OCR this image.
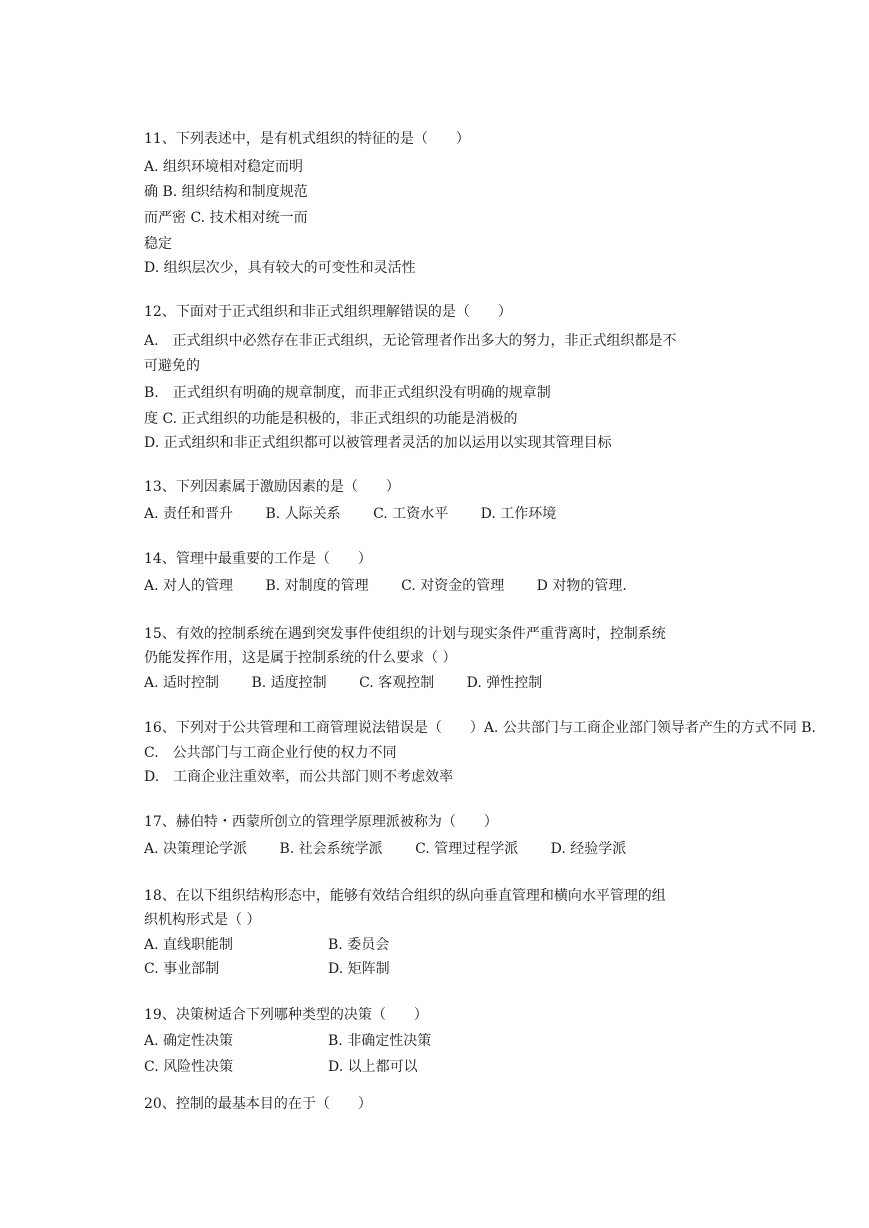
11、下列表述中，是有机式组织的特征的是（　　）
A. 组织环境相对稳定而明
确 B. 组织结构和制度规范
而严密 C. 技术相对统一而
稳定
D. 组织层次少，具有较大的可变性和灵活性
12、下面对于正式组织和非正式组织理解错误的是（　　）
A.　正式组织中必然存在非正式组织，无论管理者作出多大的努力，非正式组织都是不
可避免的
B.　正式组织有明确的规章制度，而非正式组织没有明确的规章制
度 C. 正式组织的功能是积极的，非正式组织的功能是消极的
D. 正式组织和非正式组织都可以被管理者灵活的加以运用以实现其管理目标
13、下列因素属于激励因素的是（　　）
A. 责任和晋升　　 B. 人际关系　　 C. 工资水平　　 D. 工作环境
14、管理中最重要的工作是（　　）
A. 对人的管理　　 B. 对制度的管理　　 C. 对资金的管理　　 D 对物的管理.
15、有效的控制系统在遇到突发事件使组织的计划与现实条件严重背离时，控制系统
仍能发挥作用，这是属于控制系统的什么要求（ ）
A. 适时控制　　 B. 适度控制　　 C. 客观控制　　 D. 弹性控制
16、下列对于公共管理和工商管理说法错误是（　　）A. 公共部门与工商企业部门领导者产生的方式不同 B.
C.　公共部门与工商企业行使的权力不同
D.　工商企业注重效率，而公共部门则不考虑效率
17、赫伯特・西蒙所创立的管理学原理派被称为（　　）
A. 决策理论学派　　 B. 社会系统学派　　 C. 管理过程学派　　 D. 经验学派
18、在以下组织结构形态中，能够有效结合组织的纵向垂直管理和横向水平管理的组
织机构形式是（ ）
A. 直线职能制	B. 委员会
C. 事业部制	D. 矩阵制
19、决策树适合下列哪种类型的决策（　　）
A. 确定性决策	B. 非确定性决策
C. 风险性决策	D. 以上都可以
20、控制的最基本目的在于（　　）
